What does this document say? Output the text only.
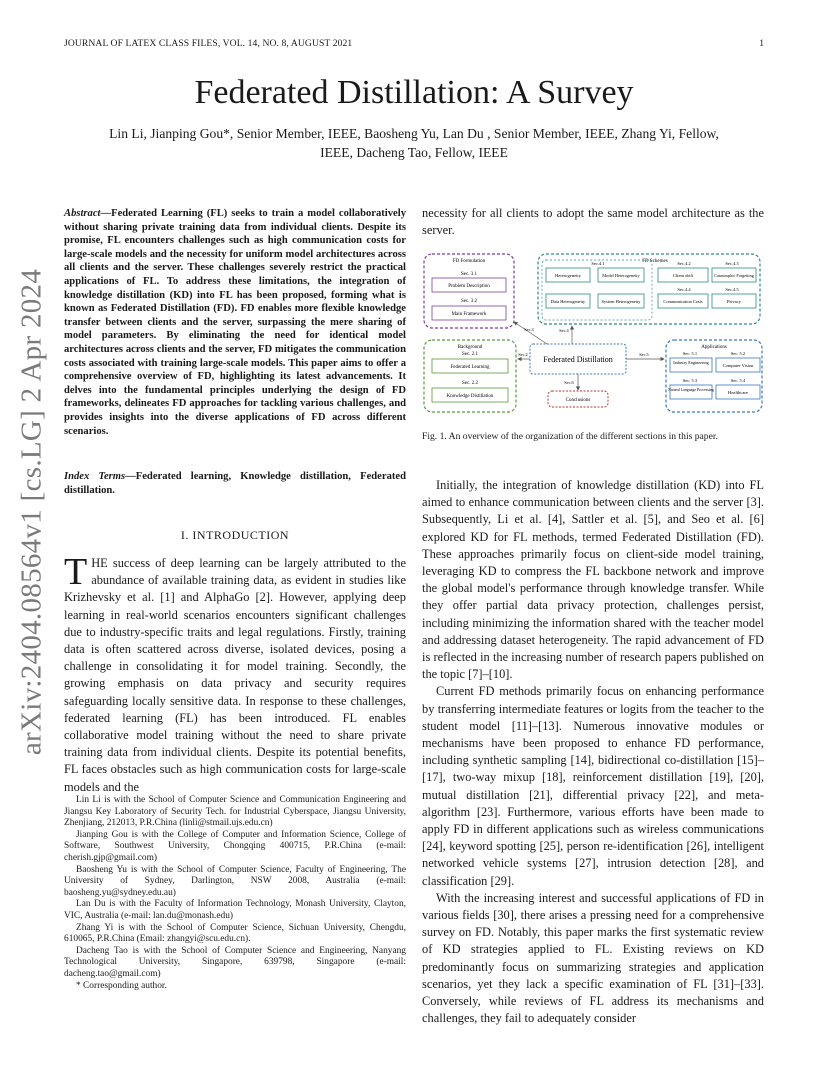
JOURNAL OF LATEX CLASS FILES, VOL. 14, NO. 8, AUGUST 2021	1
Federated Distillation: A Survey
Lin Li, Jianping Gou*, Senior Member, IEEE, Baosheng Yu, Lan Du , Senior Member, IEEE, Zhang Yi, Fellow,
IEEE, Dacheng Tao, Fellow, IEEE
arXiv:2404.08564v1 [cs.LG] 2 Apr 2024
Abstract—Federated Learning (FL) seeks to train a model collaboratively without sharing private training data from individual clients. Despite its promise, FL encounters challenges such as high communication costs for large-scale models and the necessity for uniform model architectures across all clients and the server. These challenges severely restrict the practical applications of FL. To address these limitations, the integration of knowledge distillation (KD) into FL has been proposed, forming what is known as Federated Distillation (FD). FD enables more flexible knowledge transfer between clients and the server, surpassing the mere sharing of model parameters. By eliminating the need for identical model architectures across clients and the server, FD mitigates the communication costs associated with training large-scale models. This paper aims to offer a comprehensive overview of FD, highlighting its latest advancements. It delves into the fundamental principles underlying the design of FD frameworks, delineates FD approaches for tackling various challenges, and provides insights into the diverse applications of FD across different scenarios.
Index Terms—Federated learning, Knowledge distillation, Federated distillation.
I. INTRODUCTION
THE success of deep learning can be largely attributed to the abundance of available training data, as evident in studies like Krizhevsky et al. [1] and AlphaGo [2]. However, applying deep learning in real-world scenarios encounters significant challenges due to industry-specific traits and legal regulations. Firstly, training data is often scattered across diverse, isolated devices, posing a challenge in consolidating it for model training. Secondly, the growing emphasis on data privacy and security requires safeguarding locally sensitive data. In response to these challenges, federated learning (FL) has been introduced. FL enables collaborative model training without the need to share private training data from individual clients. Despite its potential benefits, FL faces obstacles such as high communication costs for large-scale models and the

Lin Li is with the School of Computer Science and Communication Engineering and Jiangsu Key Laboratory of Security Tech. for Industrial Cyberspace, Jiangsu University, Zhenjiang, 212013, P.R.China (linli@stmail.ujs.edu.cn)

Jianping Gou is with the College of Computer and Information Science, College of Software, Southwest University, Chongqing 400715, P.R.China (e-mail: cherish.gjp@gmail.com)

Baosheng Yu is with the School of Computer Science, Faculty of Engineering, The University of Sydney, Darlington, NSW 2008, Australia (e-mail: baosheng.yu@sydney.edu.au)

Lan Du is with the Faculty of Information Technology, Monash University, Clayton, VIC, Australia (e-mail: lan.du@monash.edu)

Zhang Yi is with the School of Computer Science, Sichuan University, Chengdu, 610065, P.R.China (Email: zhangyi@scu.edu.cn).

Dacheng Tao is with the School of Computer Science and Engineering, Nanyang Technological University, Singapore, 639798, Singapore (e-mail: dacheng.tao@gmail.com)

* Corresponding author.

necessity for all clients to adopt the same model architecture as the server.
FD Formulation
Sec. 3.1
Problem Description
Sec. 3.2
Main Framework
FD Schemes
Sec.4.1
Heterogeneity	Model Heterogeneity
Data Heterogeneity	System Heterogeneity
Sec.4.2
Client drift
Sec.4.4
Communication Costs
Sec.4.3
Catastrophic Forgetting
Sec.4.5
Privacy
Background
Sec. 2.1
Federated Learning
Sec. 2.2
Knowledge Distillation
Federated Distillation
Sec.2
Sec.3	Sec.4
Sec.5
Sec.6
Conclusions
Applications
Sec. 5.1
Industry Engineering
Sec. 5.2
Computer Vision
Sec. 5.3
Natural Language Processing
Sec. 5.4
Healthcare
Fig. 1. An overview of the organization of the different sections in this paper.

Initially, the integration of knowledge distillation (KD) into FL aimed to enhance communication between clients and the server [3]. Subsequently, Li et al. [4], Sattler et al. [5], and Seo et al. [6] explored KD for FL methods, termed Federated Distillation (FD). These approaches primarily focus on client-side model training, leveraging KD to compress the FL backbone network and improve the global model's performance through knowledge transfer. While they offer partial data privacy protection, challenges persist, including minimizing the information shared with the teacher model and addressing dataset heterogeneity. The rapid advancement of FD is reflected in the increasing number of research papers published on the topic [7]–[10].

Current FD methods primarily focus on enhancing performance by transferring intermediate features or logits from the teacher to the student model [11]–[13]. Numerous innovative modules or mechanisms have been proposed to enhance FD performance, including synthetic sampling [14], bidirectional co-distillation [15]–[17], two-way mixup [18], reinforcement distillation [19], [20], mutual distillation [21], differential privacy [22], and meta-algorithm [23]. Furthermore, various efforts have been made to apply FD in different applications such as wireless communications [24], keyword spotting [25], person re-identification [26], intelligent networked vehicle systems [27], intrusion detection [28], and classification [29].

With the increasing interest and successful applications of FD in various fields [30], there arises a pressing need for a comprehensive survey on FD. Notably, this paper marks the first systematic review of KD strategies applied to FL. Existing reviews on KD predominantly focus on summarizing strategies and application scenarios, yet they lack a specific examination of FL [31]–[33]. Conversely, while reviews of FL address its mechanisms and challenges, they fail to adequately consider
